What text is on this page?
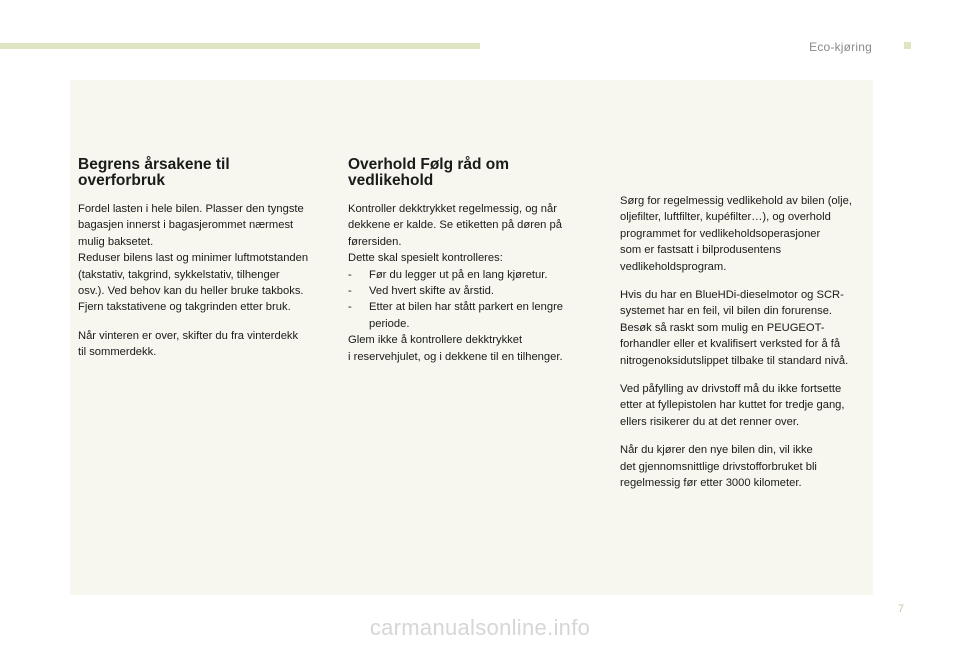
Eco-kjøring
Begrens årsakene til
overforbruk

Fordel lasten i hele bilen. Plasser den tyngste
bagasjen innerst i bagasjerommet nærmest
mulig baksetet.
Reduser bilens last og minimer luftmotstanden
(takstativ, takgrind, sykkelstativ, tilhenger
osv.). Ved behov kan du heller bruke takboks.
Fjern takstativene og takgrinden etter bruk.

Når vinteren er over, skifter du fra vinterdekk
til sommerdekk.

Overhold Følg råd om
vedlikehold

Kontroller dekktrykket regelmessig, og når
dekkene er kalde. Se etiketten på døren på
førersiden.
Dette skal spesielt kontrolleres:

- Før du legger ut på en lang kjøretur.
- Ved hvert skifte av årstid.
- Etter at bilen har stått parkert en lengre periode.

Glem ikke å kontrollere dekktrykket
i reservehjulet, og i dekkene til en tilhenger.

Sørg for regelmessig vedlikehold av bilen (olje,
oljefilter, luftfilter, kupéfilter…), og overhold
programmet for vedlikeholdsoperasjoner
som er fastsatt i bilprodusentens
vedlikeholdsprogram.

Hvis du har en BlueHDi-dieselmotor og SCR-
systemet har en feil, vil bilen din forurense.
Besøk så raskt som mulig en PEUGEOT-
forhandler eller et kvalifisert verksted for å få
nitrogenoksidutslippet tilbake til standard nivå.

Ved påfylling av drivstoff må du ikke fortsette
etter at fyllepistolen har kuttet for tredje gang,
ellers risikerer du at det renner over.

Når du kjører den nye bilen din, vil ikke
det gjennomsnittlige drivstofforbruket bli
regelmessig før etter 3000 kilometer.

7
carmanualsonline.info
